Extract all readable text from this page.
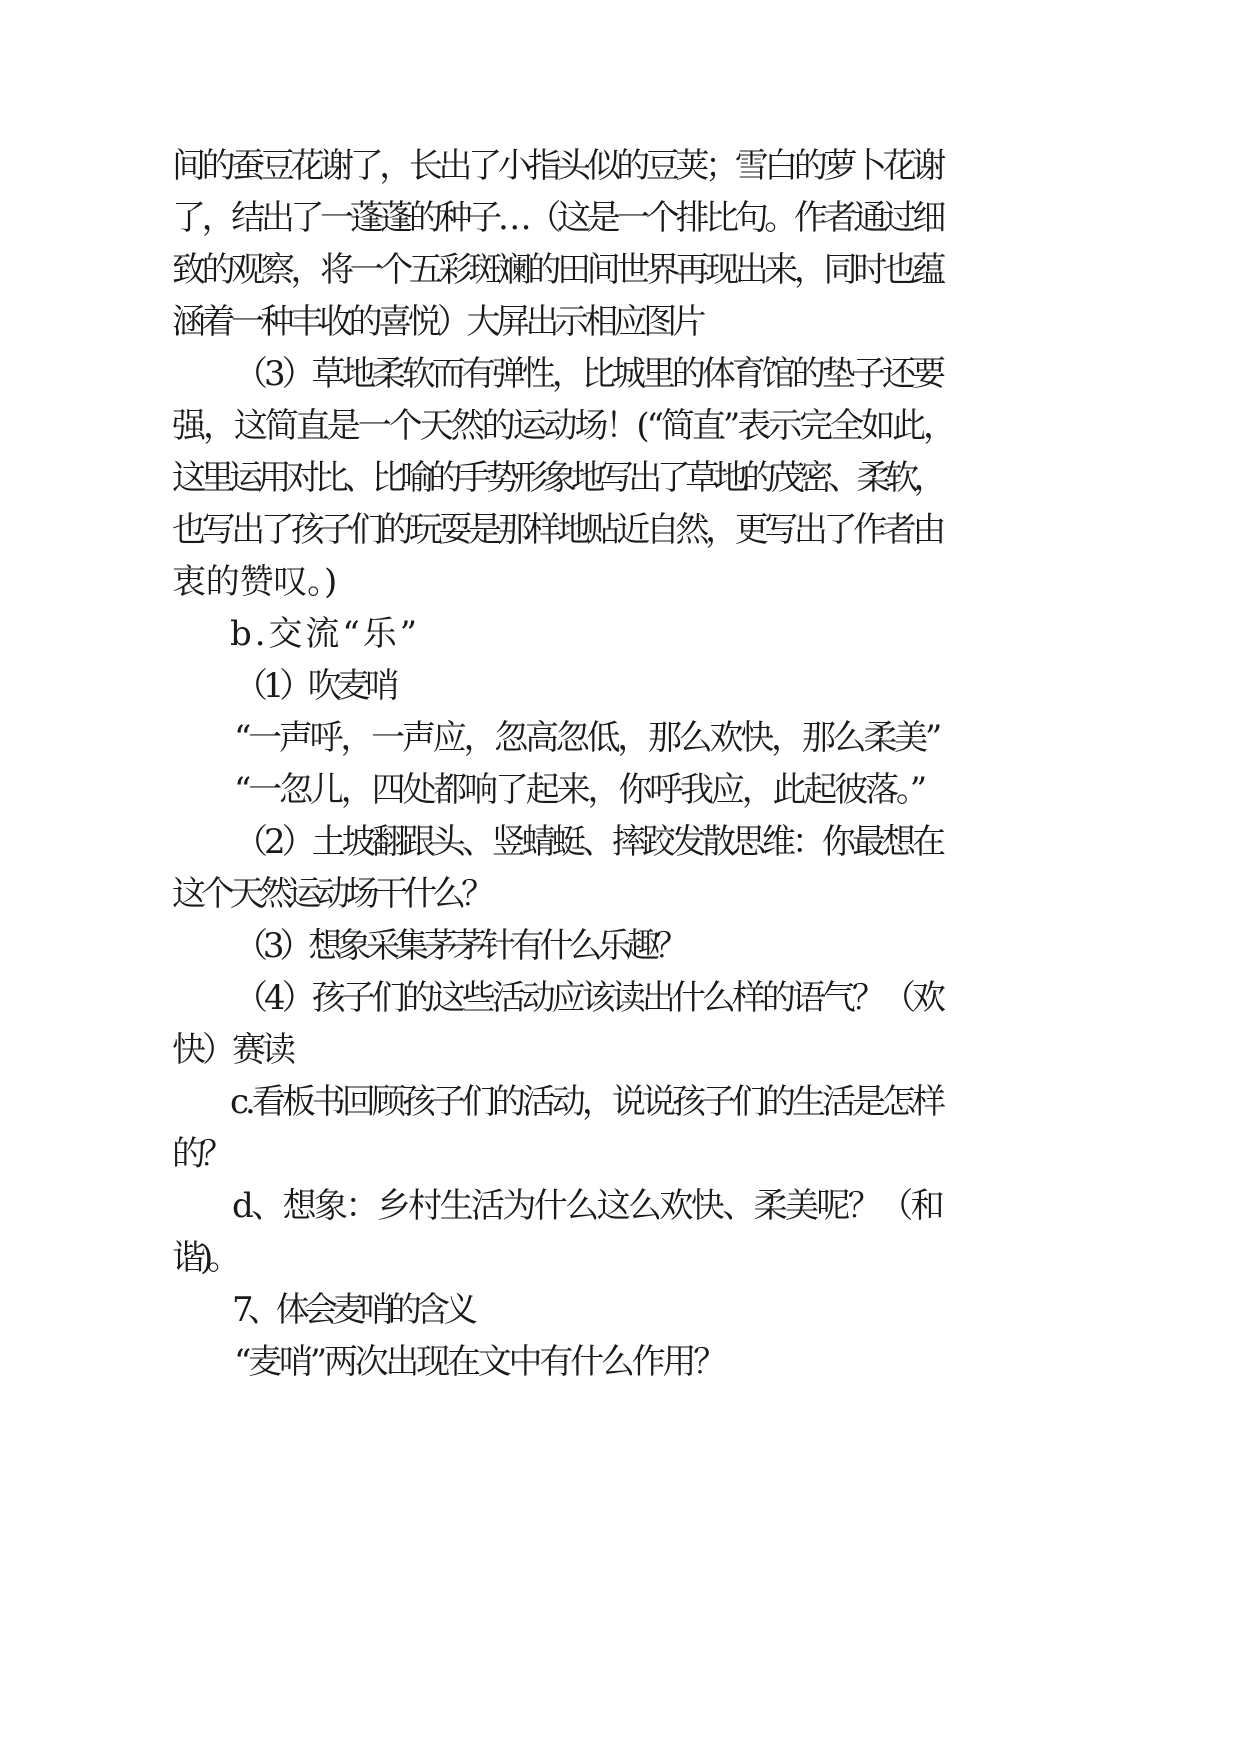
间的蚕豆花谢了，长出了小指头似的豆荚；雪白的萝卜花谢
了，结出了一蓬蓬的种子…（这是一个排比句。作者通过细
致的观察，将一个五彩斑斓的田间世界再现出来，同时也蕴
涵着一种丰收的喜悦）大屏出示相应图片
（3）草地柔软而有弹性，比城里的体育馆的垫子还要
强，这简直是一个天然的运动场！(“简直”表示完全如此，
这里运用对比、比喻的手势形象地写出了草地的茂密、柔软，
也写出了孩子们的玩耍是那样地贴近自然，更写出了作者由
衷的赞叹。)
b.交流“乐”
（1）吹麦哨
“一声呼，一声应，忽高忽低，那么欢快，那么柔美”
“一忽儿，四处都响了起来，你呼我应，此起彼落。”
（2）土坡翻跟头、竖蜻蜓、摔跤发散思维：你最想在
这个天然运动场干什么？
（3）想象采集茅茅针有什么乐趣？
（4）孩子们的这些活动应该读出什么样的语气？（欢
快）赛读
c.看板书回顾孩子们的活动，说说孩子们的生活是怎样
的？
d、想象：乡村生活为什么这么欢快、柔美呢？（和
谐)。
7、体会麦哨的含义
“麦哨”两次出现在文中有什么作用？
